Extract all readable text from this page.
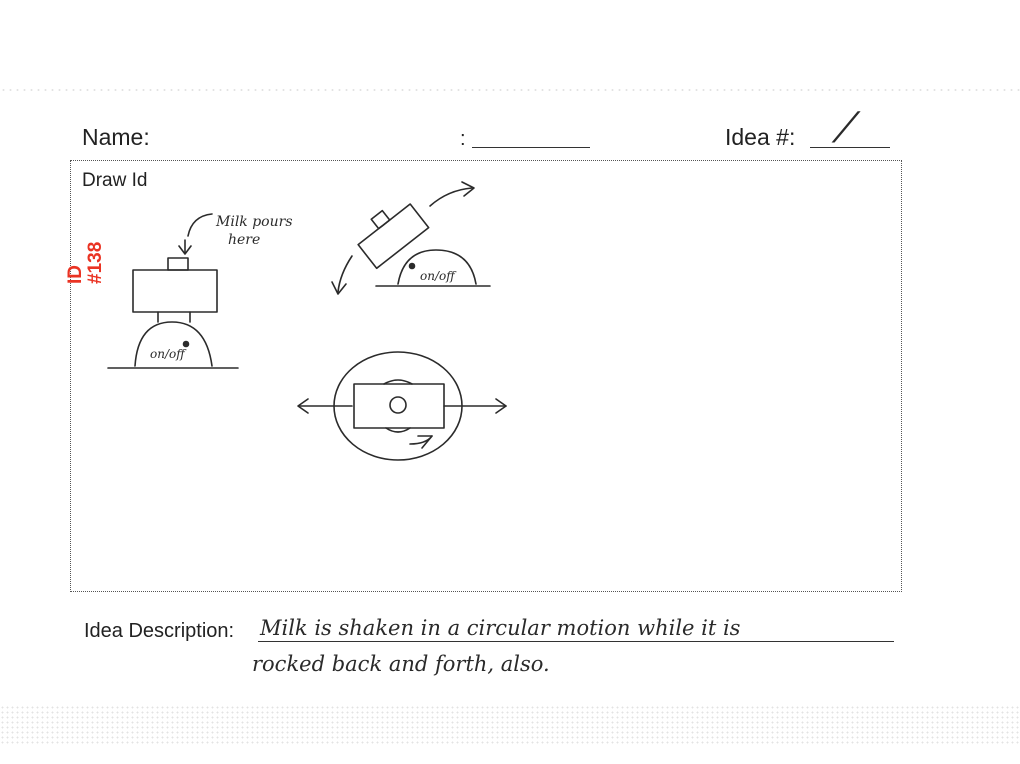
Name:	:	Idea #: /
Draw Id
ID #138
on/off
Milk pours
here
on/off
Idea Description: Milk is shaken in a circular motion while it is
rocked back and forth, also.
